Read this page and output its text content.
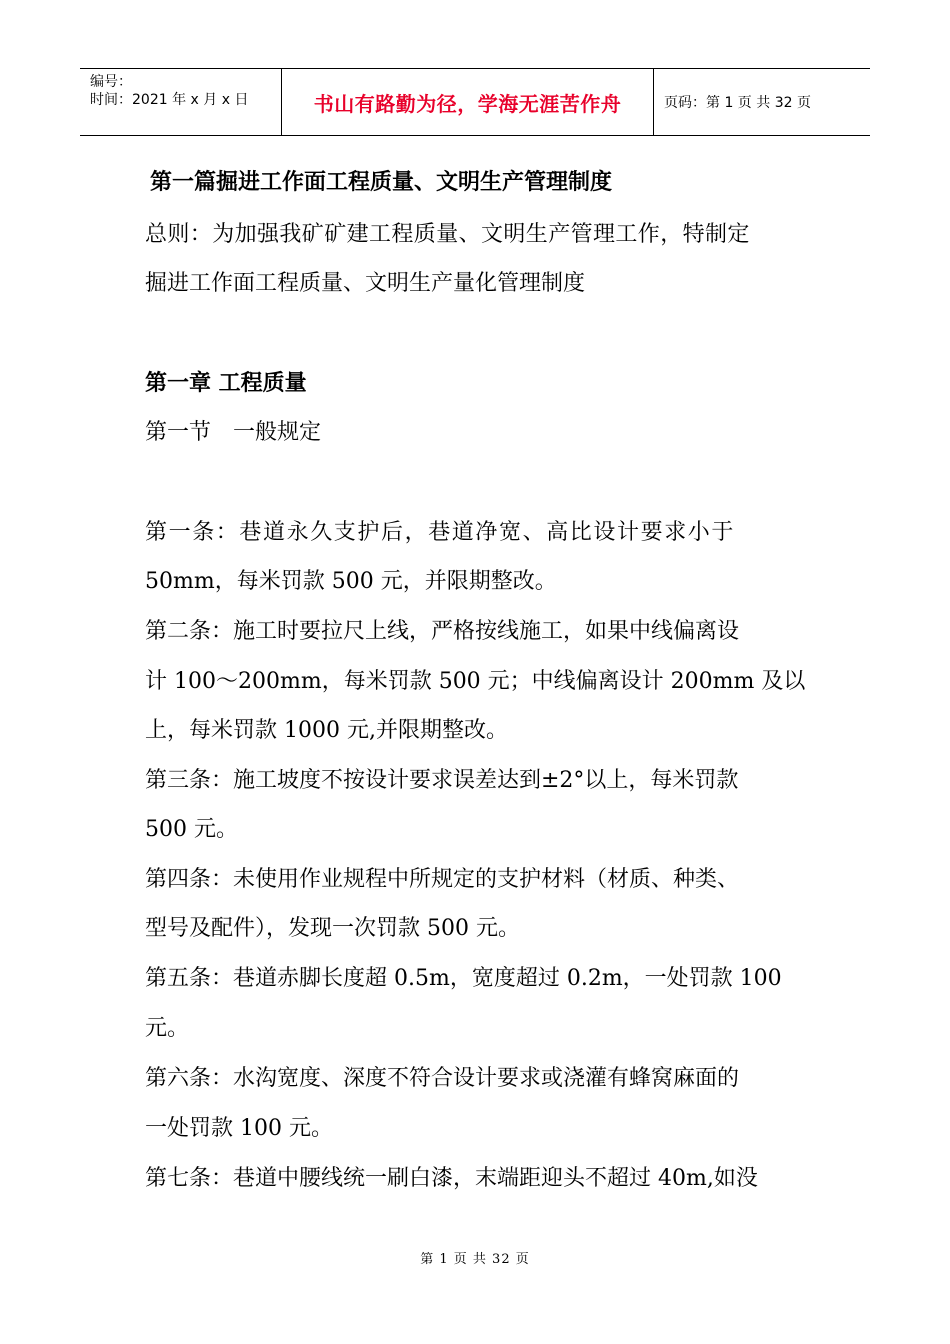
编号：
时间：2021 年 x 月 x 日	书山有路勤为径，学海无涯苦作舟	页码：第 1 页 共 32 页
第一篇掘进工作面工程质量、文明生产管理制度
总则：为加强我矿矿建工程质量、文明生产管理工作，特制定
掘进工作面工程质量、文明生产量化管理制度
第一章 工程质量
第一节　一般规定
第一条：巷道永久支护后，巷道净宽、高比设计要求小于
50mm，每米罚款 500 元，并限期整改。
第二条：施工时要拉尺上线，严格按线施工，如果中线偏离设
计 100～200mm，每米罚款 500 元；中线偏离设计 200mm 及以
上，每米罚款 1000 元,并限期整改。
第三条：施工坡度不按设计要求误差达到±2°以上，每米罚款
500 元。
第四条：未使用作业规程中所规定的支护材料（材质、种类、
型号及配件），发现一次罚款 500 元。
第五条：巷道赤脚长度超 0.5m，宽度超过 0.2m，一处罚款 100
元。
第六条：水沟宽度、深度不符合设计要求或浇灌有蜂窝麻面的
一处罚款 100 元。
第七条：巷道中腰线统一刷白漆，末端距迎头不超过 40m,如没
第 1 页 共 32 页
